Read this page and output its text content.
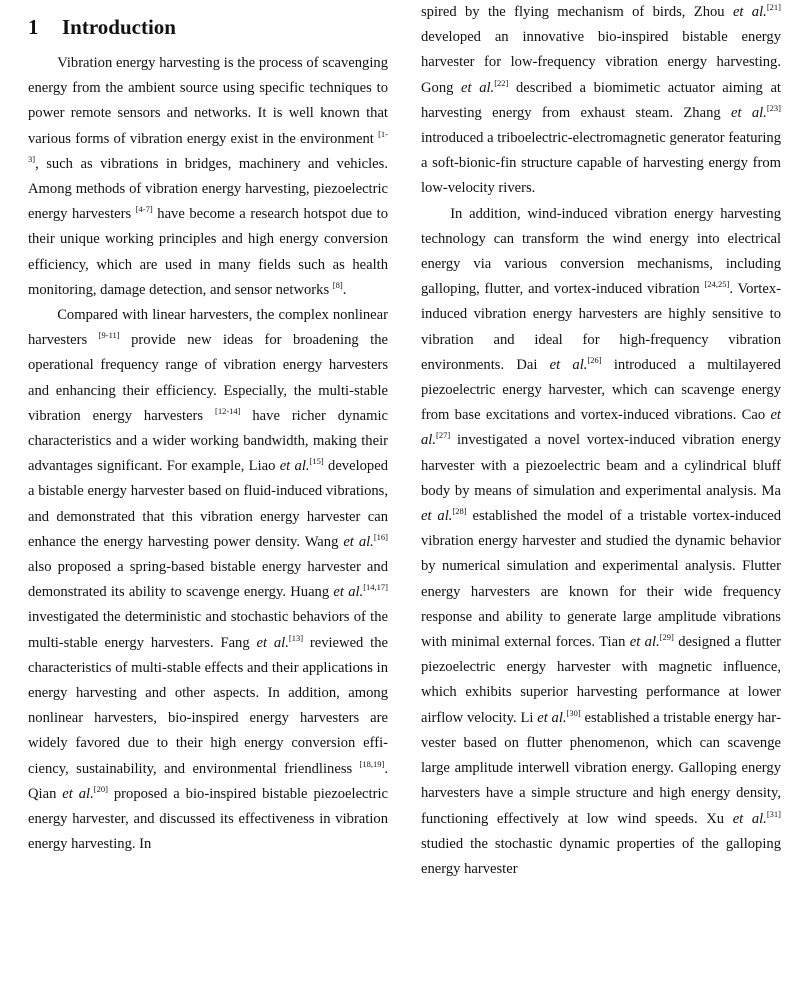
1 Introduction

Vibration energy harvesting is the process of scavenging energy from the ambient source using specific techniques to power remote sensors and networks. It is well known that various forms of vibration energy exist in the environment [1-3], such as vibrations in bridges, machinery and vehicles. Among methods of vibration energy harvesting, piezoelectric energy harvesters [4-7] have become a research hotspot due to their unique working principles and high energy conversion efficiency, which are used in many fields such as health monitoring, damage detection, and sensor networks [8].

Compared with linear harvesters, the complex nonlinear harvesters [9-11] provide new ideas for broadening the operational frequency range of vibration energy harvesters and enhancing their efficiency. Especially, the multi-stable vibration energy harvesters [12-14] have richer dynamic characteristics and a wider working bandwidth, making their advantages significant. For example, Liao et al.[15] developed a bistable energy harvester based on fluid-induced vibrations, and demonstrated that this vibration energy harvester can enhance the energy harvesting power density. Wang et al.[16] also proposed a spring-based bistable energy harvester and demonstrated its ability to scavenge energy. Huang et al.[14,17] investigated the deterministic and stochastic behaviors of the multi-stable energy harvesters. Fang et al.[13] reviewed the characteristics of multi-stable effects and their applications in energy harvesting and other aspects. In addition, among nonlinear harvesters, bio-inspired energy harvesters are widely favored due to their high energy conversion efficiency, sustainability, and environmental friendliness [18,19]. Qian et al.[20] proposed a bio-inspired bistable piezoelectric energy harvester, and discussed its effectiveness in vibration energy harvesting. In

spired by the flying mechanism of birds, Zhou et al.[21] developed an innovative bio-inspired bistable energy harvester for low-frequency vibration energy harvesting. Gong et al.[22] described a biomimetic actuator aiming at harvesting energy from exhaust steam. Zhang et al.[23] introduced a triboelectric-electromagnetic generator featuring a soft-bionic-fin structure capable of harvesting energy from low-velocity rivers.

In addition, wind-induced vibration energy harvesting technology can transform the wind energy into electrical energy via various conversion mechanisms, including galloping, flutter, and vortex-induced vibration [24,25]. Vortex-induced vibration energy harvesters are highly sensitive to vibration and ideal for high-frequency vibration environments. Dai et al.[26] introduced a multilayered piezoelectric energy harvester, which can scavenge energy from base excitations and vortex-induced vibrations. Cao et al.[27] investigated a novel vortex-induced vibration energy harvester with a piezoelectric beam and a cylindrical bluff body by means of simulation and experimental analysis. Ma et al.[28] established the model of a tristable vortex-induced vibration energy harvester and studied the dynamic behavior by numerical simulation and experimental analysis. Flutter energy harvesters are known for their wide frequency response and ability to generate large amplitude vibrations with minimal external forces. Tian et al.[29] designed a flutter piezoelectric energy harvester with magnetic influence, which exhibits superior harvesting performance at lower airflow velocity. Li et al.[30] established a tristable energy harvester based on flutter phenomenon, which can scavenge large amplitude interwell vibration energy. Galloping energy harvesters have a simple structure and high energy density, functioning effectively at low wind speeds. Xu et al.[31] studied the stochastic dynamic properties of the galloping energy harvester
